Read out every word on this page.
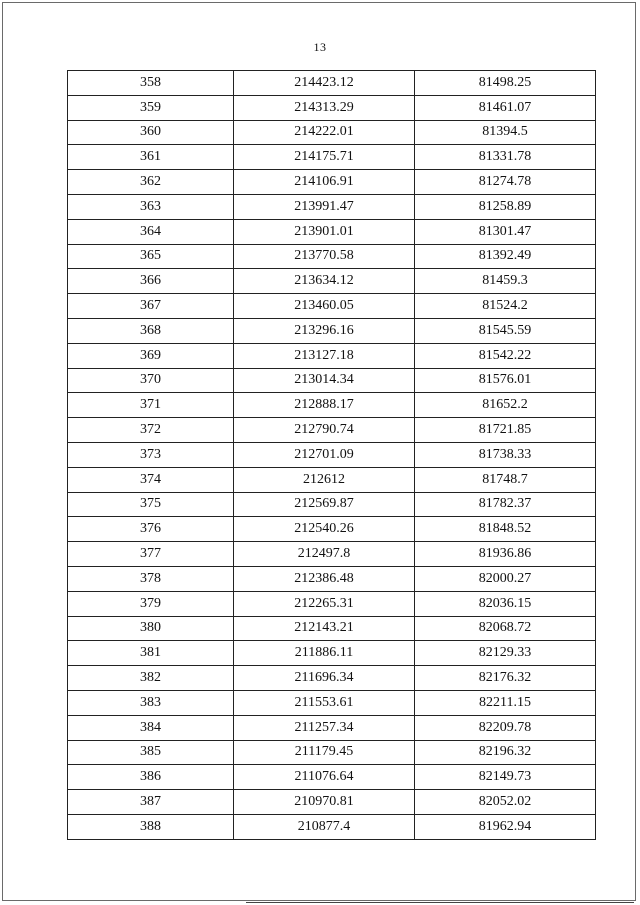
13
358	214423.12	81498.25
359	214313.29	81461.07
360	214222.01	81394.5
361	214175.71	81331.78
362	214106.91	81274.78
363	213991.47	81258.89
364	213901.01	81301.47
365	213770.58	81392.49
366	213634.12	81459.3
367	213460.05	81524.2
368	213296.16	81545.59
369	213127.18	81542.22
370	213014.34	81576.01
371	212888.17	81652.2
372	212790.74	81721.85
373	212701.09	81738.33
374	212612	81748.7
375	212569.87	81782.37
376	212540.26	81848.52
377	212497.8	81936.86
378	212386.48	82000.27
379	212265.31	82036.15
380	212143.21	82068.72
381	211886.11	82129.33
382	211696.34	82176.32
383	211553.61	82211.15
384	211257.34	82209.78
385	211179.45	82196.32
386	211076.64	82149.73
387	210970.81	82052.02
388	210877.4	81962.94
